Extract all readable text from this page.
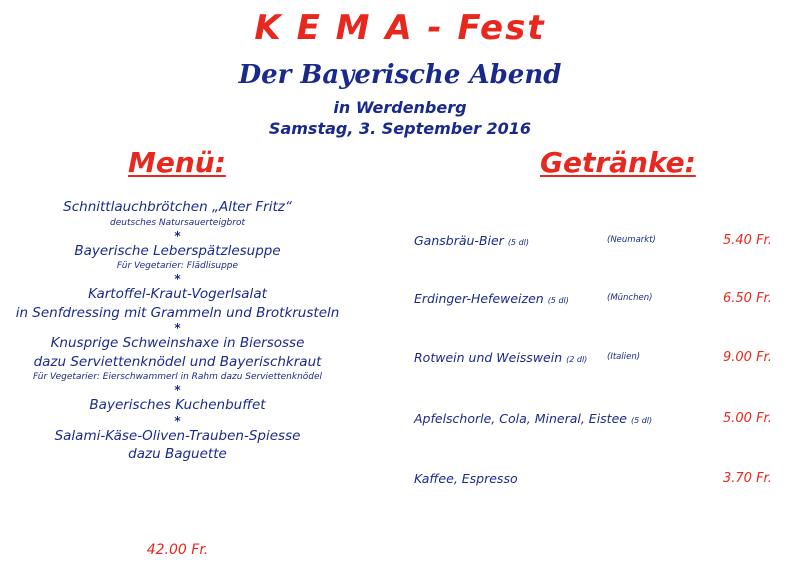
K E M A - Fest
Der Bayerische Abend
in Werdenberg
Samstag, 3. September 2016
Menü:	Getränke:
Schnittlauchbrötchen „Alter Fritz“
deutsches Natursauerteigbrot
*
Bayerische Leberspätzlesuppe
Für Vegetarier: Flädlisuppe
*
Kartoffel-Kraut-Vogerlsalat
in Senfdressing mit Grammeln und Brotkrusteln
*
Knusprige Schweinshaxe in Biersosse
dazu Serviettenknödel und Bayerischkraut
Für Vegetarier: Eierschwammerl in Rahm dazu Serviettenknödel
*
Bayerisches Kuchenbuffet
*
Salami-Käse-Oliven-Trauben-Spiesse
dazu Baguette
42.00 Fr.
Gansbräu-Bier (5 dl)	(Neumarkt)	5.40 Fr.
Erdinger-Hefeweizen (5 dl)	(München)	6.50 Fr.
Rotwein und Weisswein (2 dl) (Italien)	9.00 Fr.
Apfelschorle, Cola, Mineral, Eistee (5 dl)	5.00 Fr.
Kaffee, Espresso	3.70 Fr.
